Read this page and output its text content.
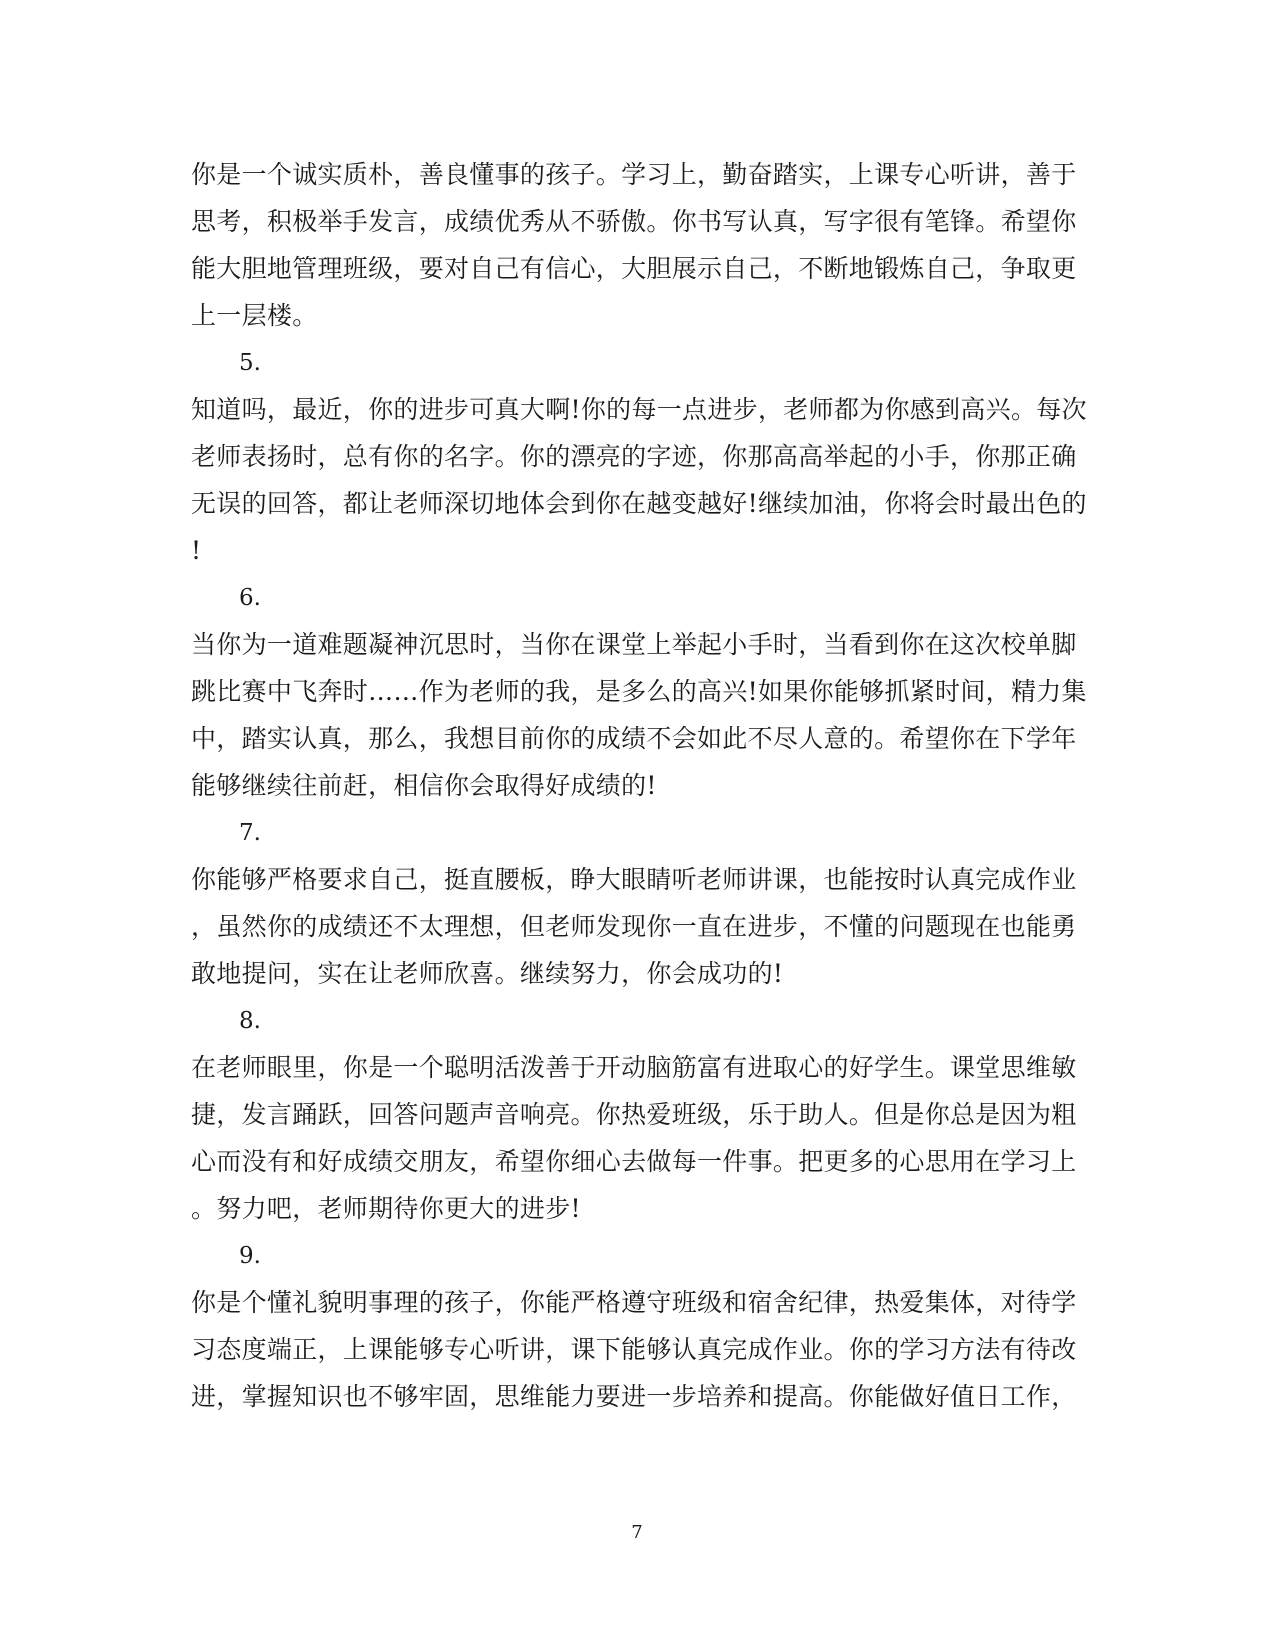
你是一个诚实质朴，善良懂事的孩子。学习上，勤奋踏实，上课专心听讲，善于
思考，积极举手发言，成绩优秀从不骄傲。你书写认真，写字很有笔锋。希望你
能大胆地管理班级，要对自己有信心，大胆展示自己，不断地锻炼自己，争取更
上一层楼。
5.
知道吗，最近，你的进步可真大啊!你的每一点进步，老师都为你感到高兴。每次
老师表扬时，总有你的名字。你的漂亮的字迹，你那高高举起的小手，你那正确
无误的回答，都让老师深切地体会到你在越变越好!继续加油，你将会时最出色的
!
6.
当你为一道难题凝神沉思时，当你在课堂上举起小手时，当看到你在这次校单脚
跳比赛中飞奔时……作为老师的我，是多么的高兴!如果你能够抓紧时间，精力集
中，踏实认真，那么，我想目前你的成绩不会如此不尽人意的。希望你在下学年
能够继续往前赶，相信你会取得好成绩的!
7.
你能够严格要求自己，挺直腰板，睁大眼睛听老师讲课，也能按时认真完成作业
，虽然你的成绩还不太理想，但老师发现你一直在进步，不懂的问题现在也能勇
敢地提问，实在让老师欣喜。继续努力，你会成功的!
8.
在老师眼里，你是一个聪明活泼善于开动脑筋富有进取心的好学生。课堂思维敏
捷，发言踊跃，回答问题声音响亮。你热爱班级，乐于助人。但是你总是因为粗
心而没有和好成绩交朋友，希望你细心去做每一件事。把更多的心思用在学习上
。努力吧，老师期待你更大的进步!
9.
你是个懂礼貌明事理的孩子，你能严格遵守班级和宿舍纪律，热爱集体，对待学
习态度端正，上课能够专心听讲，课下能够认真完成作业。你的学习方法有待改
进，掌握知识也不够牢固，思维能力要进一步培养和提高。你能做好值日工作，
7
